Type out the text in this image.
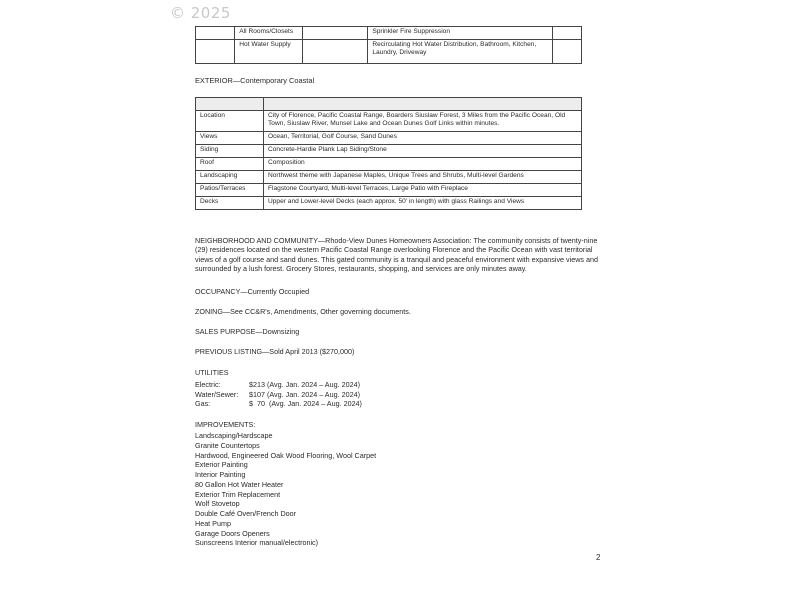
© 2025
	All Rooms/Closets		Sprinkler Fire Suppression	
	Hot Water Supply		Recirculating Hot Water Distribution, Bathroom, Kitchen, Laundry, Driveway	
EXTERIOR—Contemporary Coastal

Location	City of Florence, Pacific Coastal Range, Boarders Siuslaw Forest, 3 Miles from the Pacific Ocean, Old Town, Siuslaw River, Munsel Lake and Ocean Dunes Golf Links within minutes.
Views	Ocean, Territorial, Golf Course, Sand Dunes
Siding	Concrete-Hardie Plank Lap Siding/Stone
Roof	Composition
Landscaping	Northwest theme with Japanese Maples, Unique Trees and Shrubs, Multi-level Gardens
Patios/Terraces	Flagstone Courtyard, Multi-level Terraces, Large Patio with Fireplace
Decks	Upper and Lower-level Decks (each approx. 50' in length) with glass Railings and Views
NEIGHBORHOOD AND COMMUNITY—Rhodo-View Dunes Homeowners Association: The community consists of twenty-nine (29) residences located on the western Pacific Coastal Range overlooking Florence and the Pacific Ocean with vast territorial views of a golf course and sand dunes. This gated community is a tranquil and peaceful environment with expansive views and surrounded by a lush forest. Grocery Stores, restaurants, shopping, and services are only minutes away.
OCCUPANCY—Currently Occupied
ZONING—See CC&R's, Amendments, Other governing documents.
SALES PURPOSE—Downsizing
PREVIOUS LISTING—Sold April 2013 ($270,000)
UTILITIES
Electric:	$213 (Avg. Jan. 2024 – Aug. 2024)
Water/Sewer: $107 (Avg. Jan. 2024 – Aug. 2024)
Gas:	$  70  (Avg. Jan. 2024 – Aug. 2024)
IMPROVEMENTS:
Landscaping/Hardscape
Granite Countertops
Hardwood, Engineered Oak Wood Flooring, Wool Carpet
Exterior Painting
Interior Painting
80 Gallon Hot Water Heater
Exterior Trim Replacement
Wolf Stovetop
Double Café Oven/French Door
Heat Pump
Garage Doors Openers
Sunscreens Interior manual/electronic)
2
